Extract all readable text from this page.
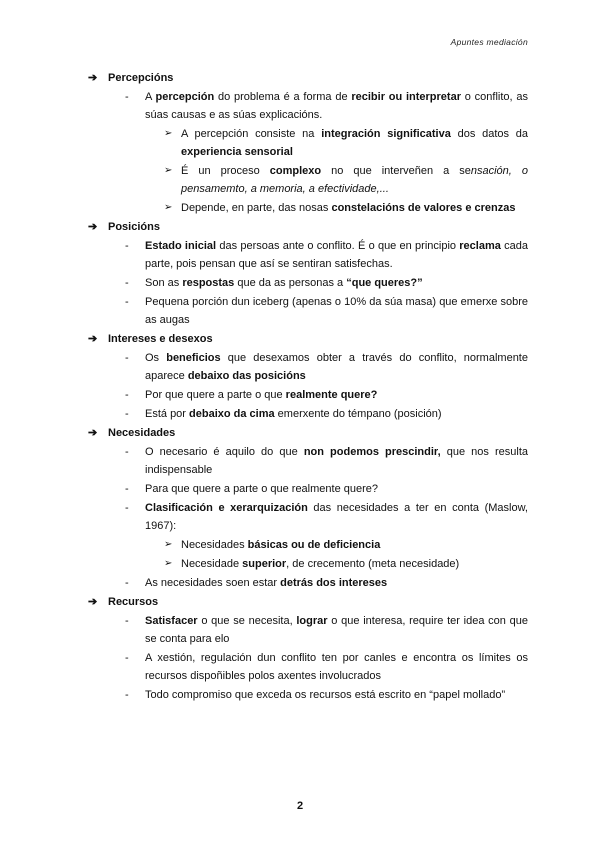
Apuntes mediación
➔ Percepcións
- A percepción do problema é a forma de recibir ou interpretar o conflito, as súas causas e as súas explicacións.
➢ A percepción consiste na integración significativa dos datos da experiencia sensorial
➢ É un proceso complexo no que interveñen a sensación, o pensamemto, a memoria, a efectividade,...
➢ Depende, en parte, das nosas constelacións de valores e crenzas
➔ Posicións
- Estado inicial das persoas ante o conflito. É o que en principio reclama cada parte, pois pensan que así se sentiran satisfechas.
- Son as respostas que da as personas a “que queres?”
- Pequena porción dun iceberg (apenas o 10% da súa masa) que emerxe sobre as augas
➔ Intereses e desexos
- Os beneficios que desexamos obter a través do conflito, normalmente aparece debaixo das posicións
- Por que quere a parte o que realmente quere?
- Está por debaixo da cima emerxente do témpano (posición)
➔ Necesidades
- O necesario é aquilo do que non podemos prescindir, que nos resulta indispensable
- Para que quere a parte o que realmente quere?
- Clasificación e xerarquización das necesidades a ter en conta (Maslow, 1967):
➢ Necesidades básicas ou de deficiencia
➢ Necesidade superior, de crecemento (meta necesidade)
- As necesidades soen estar detrás dos intereses
➔ Recursos
- Satisfacer o que se necesita, lograr o que interesa, require ter idea con que se conta para elo
- A xestión, regulación dun conflito ten por canles e encontra os límites os recursos dispoñibles polos axentes involucrados
- Todo compromiso que exceda os recursos está escrito en “papel mollado”
2
